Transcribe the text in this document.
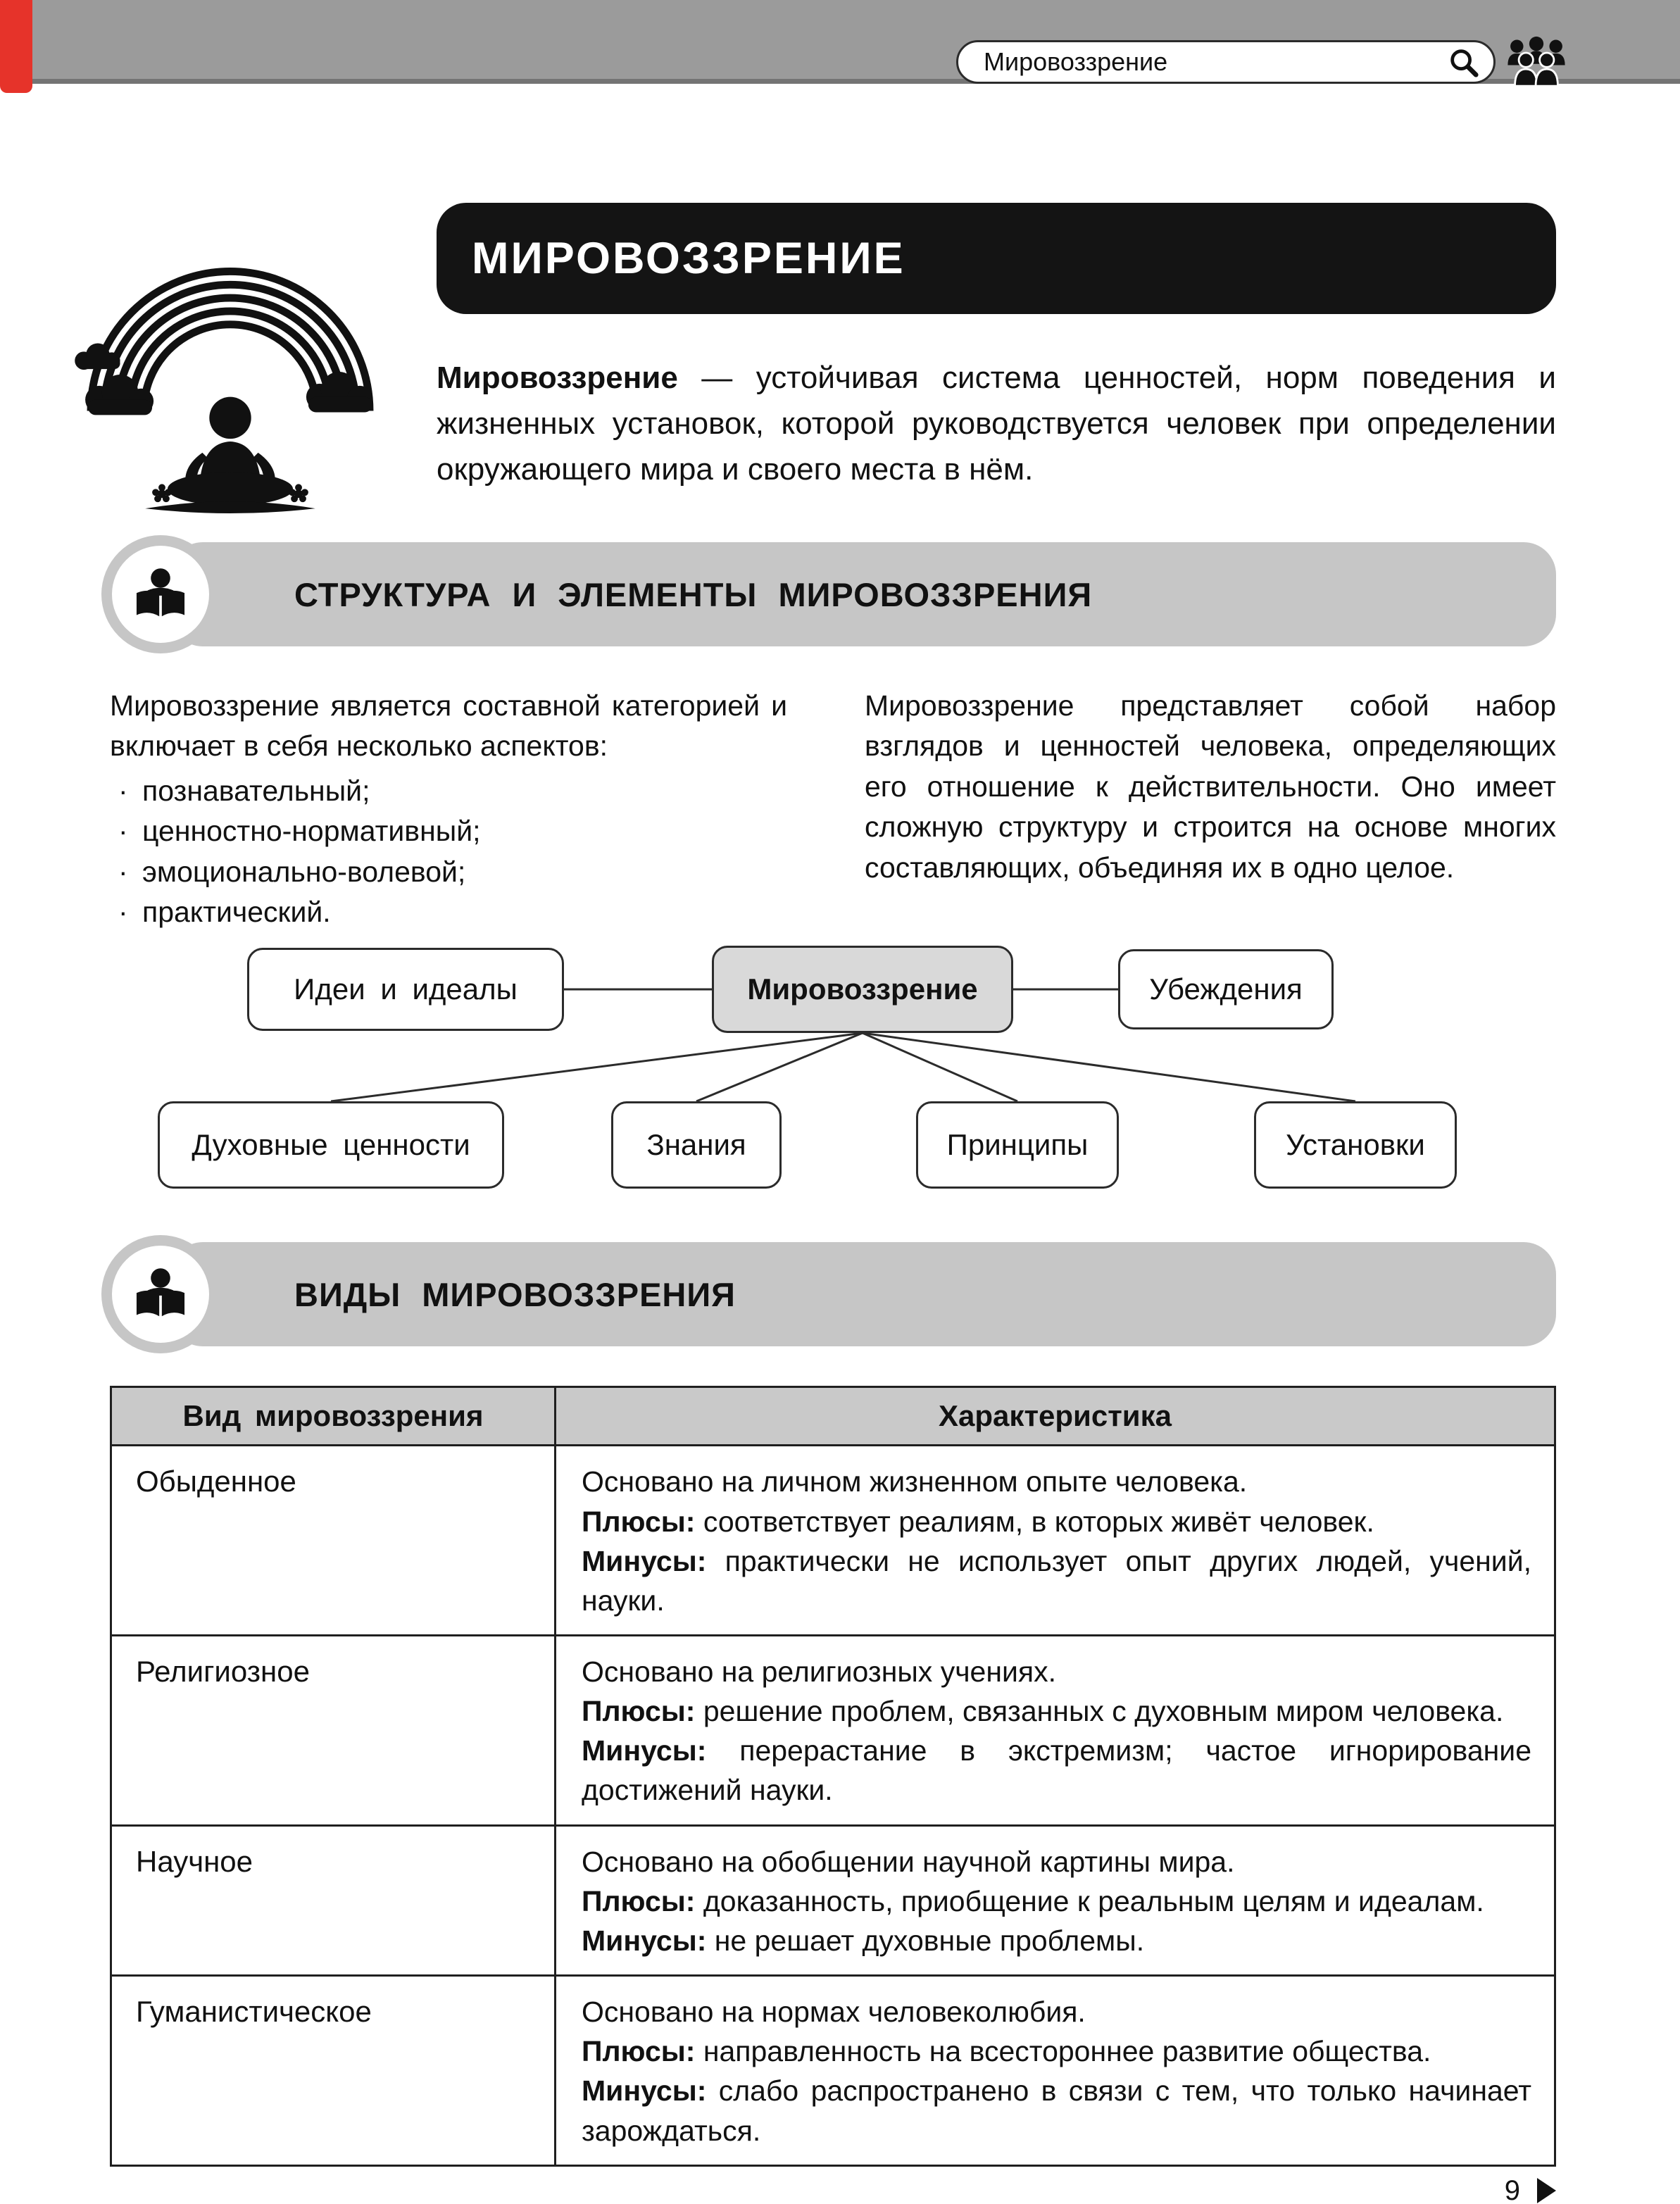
Мировоззрение
МИРОВОЗЗРЕНИЕ

Мировоззрение — устойчивая система ценностей, норм поведения и жизненных установок, которой руководствуется человек при определении окружающего мира и своего места в нём.

СТРУКТУРА И ЭЛЕМЕНТЫ МИРОВОЗЗРЕНИЯ

Мировоззрение является составной категорией и включает в себя несколько аспектов:

· познавательный;
· ценностно-нормативный;
· эмоционально-волевой;
· практический.

Мировоззрение представляет собой набор взглядов и ценностей человека, определяющих его отношение к действительности. Оно имеет сложную структуру и строится на основе многих составляющих, объединяя их в одно целое.

Идеи и идеалы	Мировоззрение	Убеждения
Духовные ценности	Знания	Принципы	Установки
ВИДЫ МИРОВОЗЗРЕНИЯ
Вид мировоззрения	Характеристика
Обыденное	Основано на личном жизненном опыте человека.

Плюсы: соответствует реалиям, в которых живёт человек.

Минусы: практически не использует опыт других людей, учений, науки.

Религиозное	Основано на религиозных учениях.

Плюсы: решение проблем, связанных с духовным миром человека.

Минусы: перерастание в экстремизм; частое игнорирование достижений науки.

Научное	Основано на обобщении научной картины мира.

Плюсы: доказанность, приобщение к реальным целям и идеалам.

Минусы: не решает духовные проблемы.

Гуманистическое	Основано на нормах человеколюбия.

Плюсы: направленность на всестороннее развитие общества.

Минусы: слабо распространено в связи с тем, что только начинает зарождаться.

9
